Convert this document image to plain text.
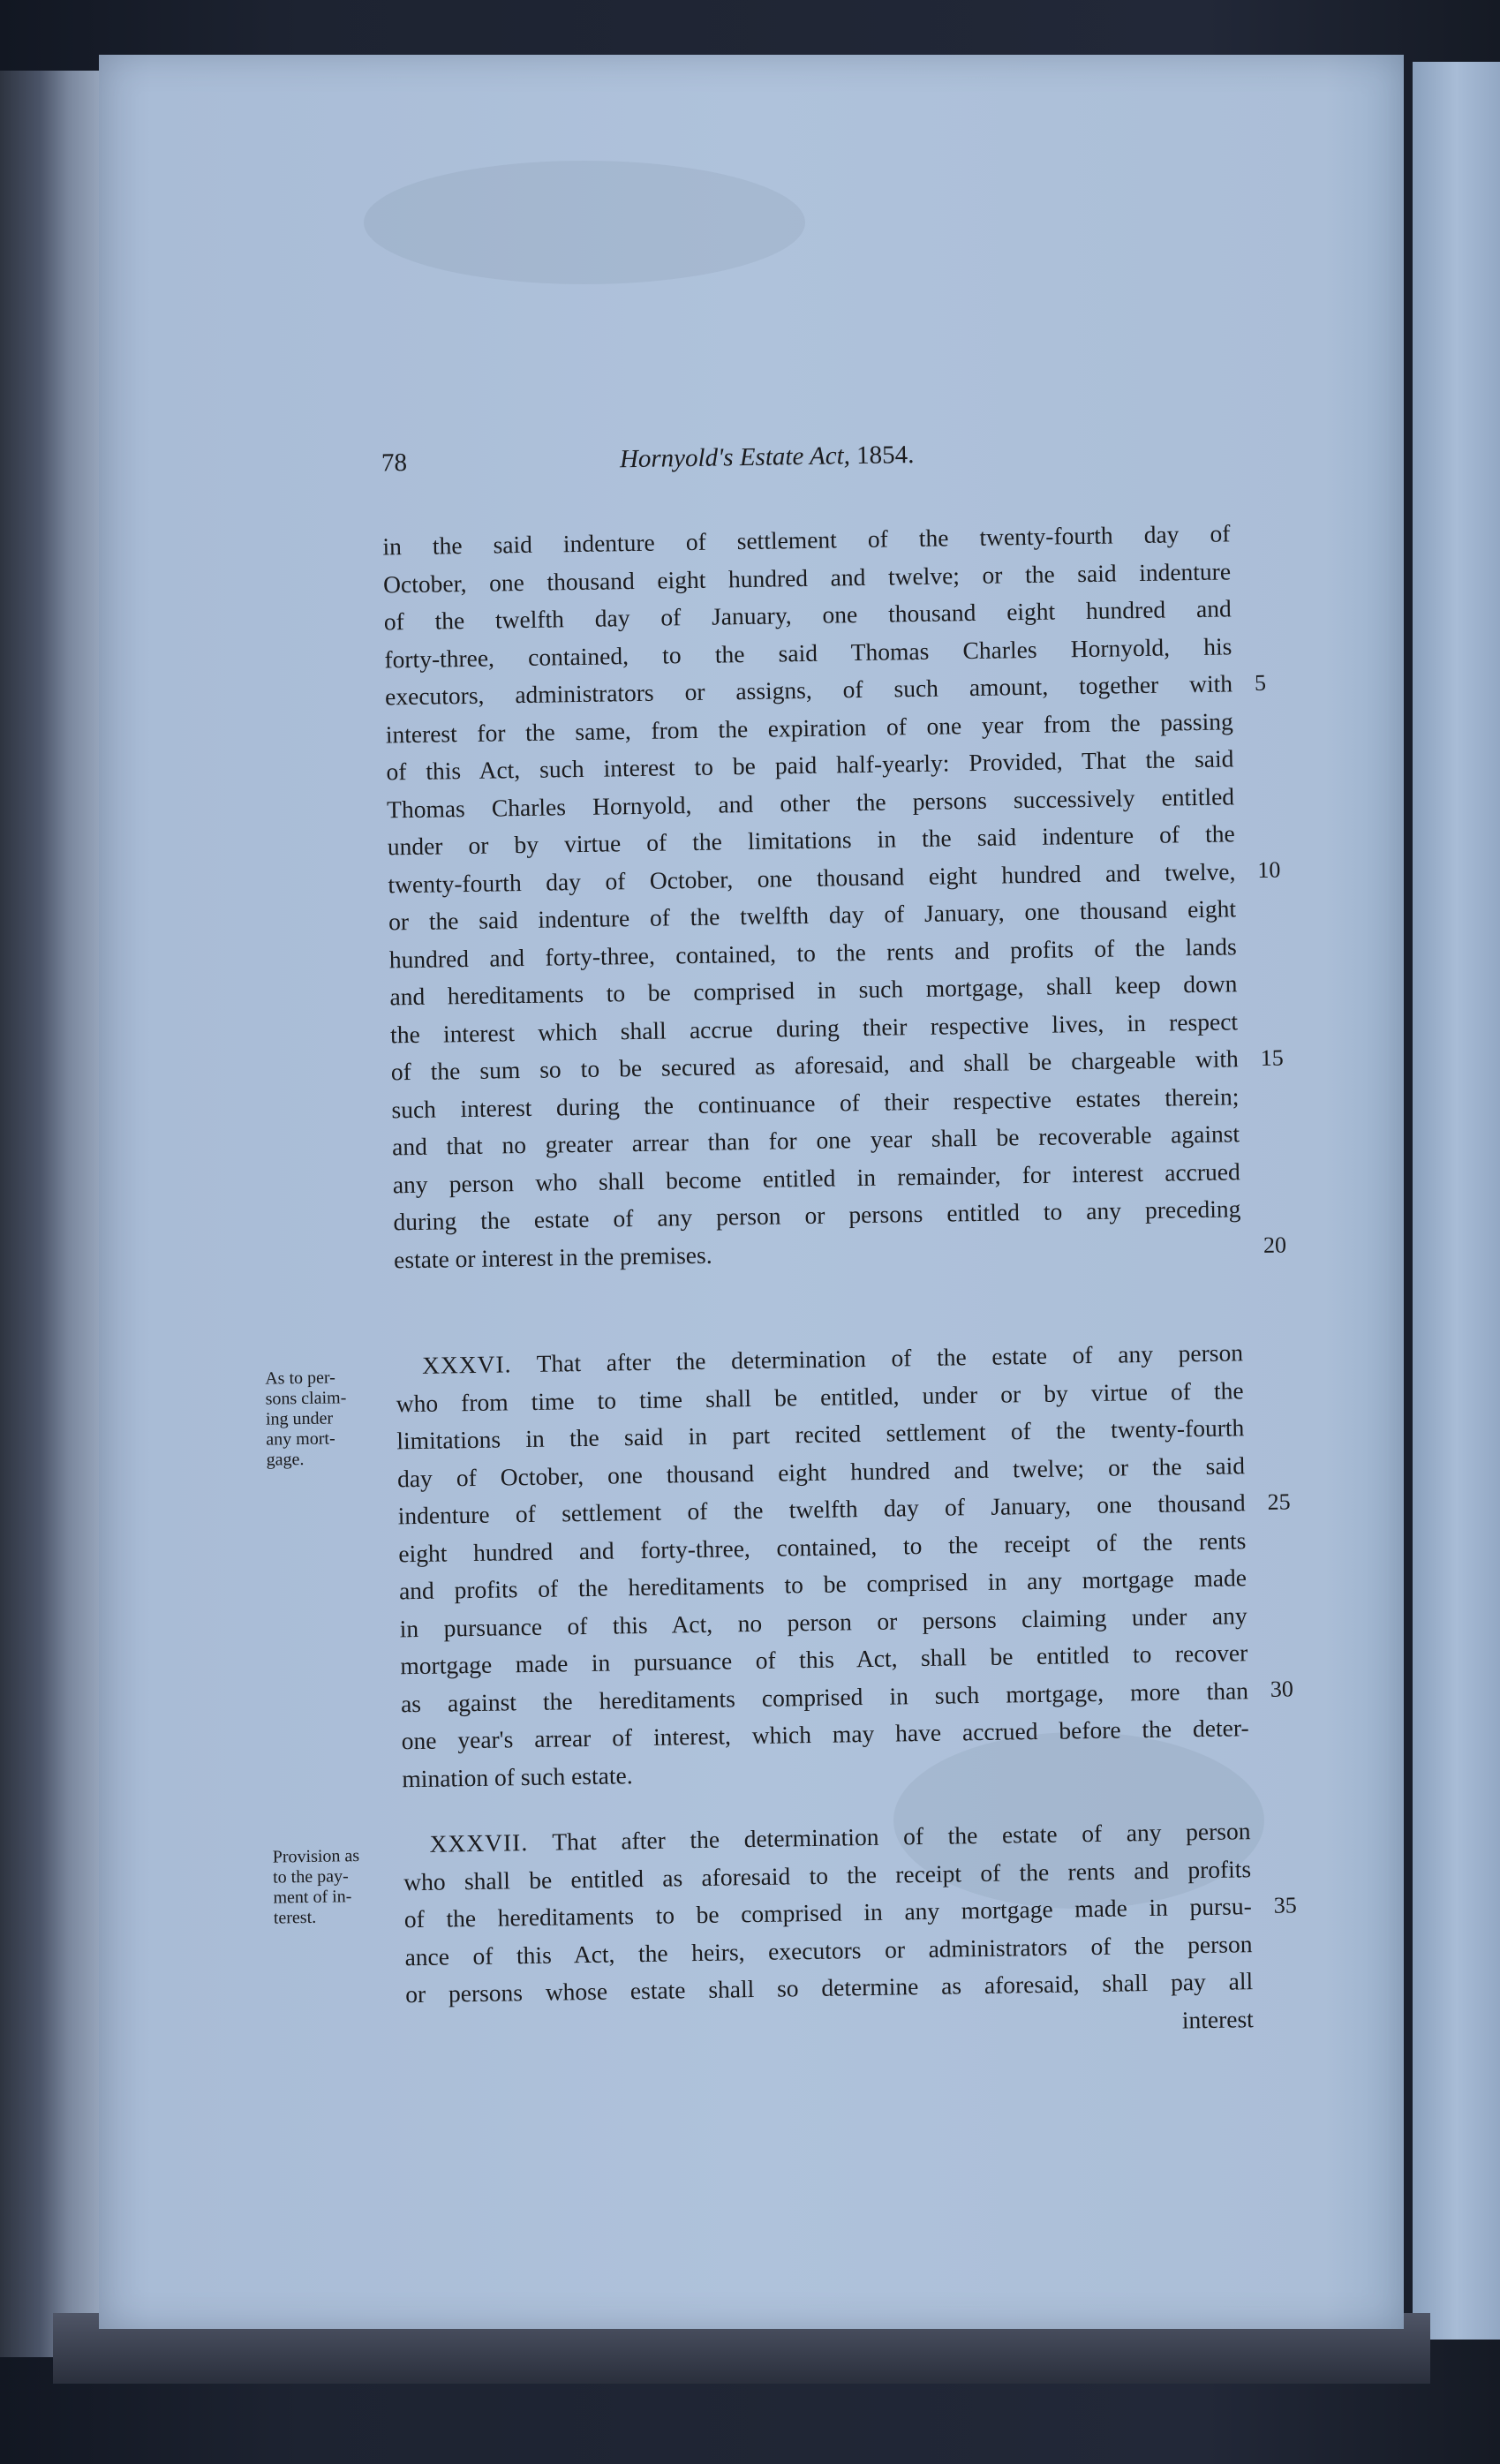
78	Hornyold's Estate Act, 1854.
in the said indenture of settlement of the twenty-fourth day of
October, one thousand eight hundred and twelve; or the said indenture
of the twelfth day of January, one thousand eight hundred and
forty-three, contained, to the said Thomas Charles Hornyold, his
executors, administrators or assigns, of such amount, together with
interest for the same, from the expiration of one year from the passing
of this Act, such interest to be paid half-yearly: Provided, That the said
Thomas Charles Hornyold, and other the persons successively entitled
under or by virtue of the limitations in the said indenture of the
twenty-fourth day of October, one thousand eight hundred and twelve,
or the said indenture of the twelfth day of January, one thousand eight
hundred and forty-three, contained, to the rents and profits of the lands
and hereditaments to be comprised in such mortgage, shall keep down
the interest which shall accrue during their respective lives, in respect
of the sum so to be secured as aforesaid, and shall be chargeable with
such interest during the continuance of their respective estates therein;
and that no greater arrear than for one year shall be recoverable against
any person who shall become entitled in remainder, for interest accrued
during the estate of any person or persons entitled to any preceding
estate or interest in the premises.
5
10
15
20
As to per-
sons claim-
ing under
any mort-
gage.
XXXVI. That after the determination of the estate of any person
who from time to time shall be entitled, under or by virtue of the
limitations in the said in part recited settlement of the twenty-fourth
day of October, one thousand eight hundred and twelve; or the said
indenture of settlement of the twelfth day of January, one thousand
eight hundred and forty-three, contained, to the receipt of the rents
and profits of the hereditaments to be comprised in any mortgage made
in pursuance of this Act, no person or persons claiming under any
mortgage made in pursuance of this Act, shall be entitled to recover
as against the hereditaments comprised in such mortgage, more than
one year's arrear of interest, which may have accrued before the deter-
mination of such estate.
25
30
Provision as
to the pay-
ment of in-
terest.
XXXVII. That after the determination of the estate of any person
who shall be entitled as aforesaid to the receipt of the rents and profits
of the hereditaments to be comprised in any mortgage made in pursu-
ance of this Act, the heirs, executors or administrators of the person
or persons whose estate shall so determine as aforesaid, shall pay all
interest
35
